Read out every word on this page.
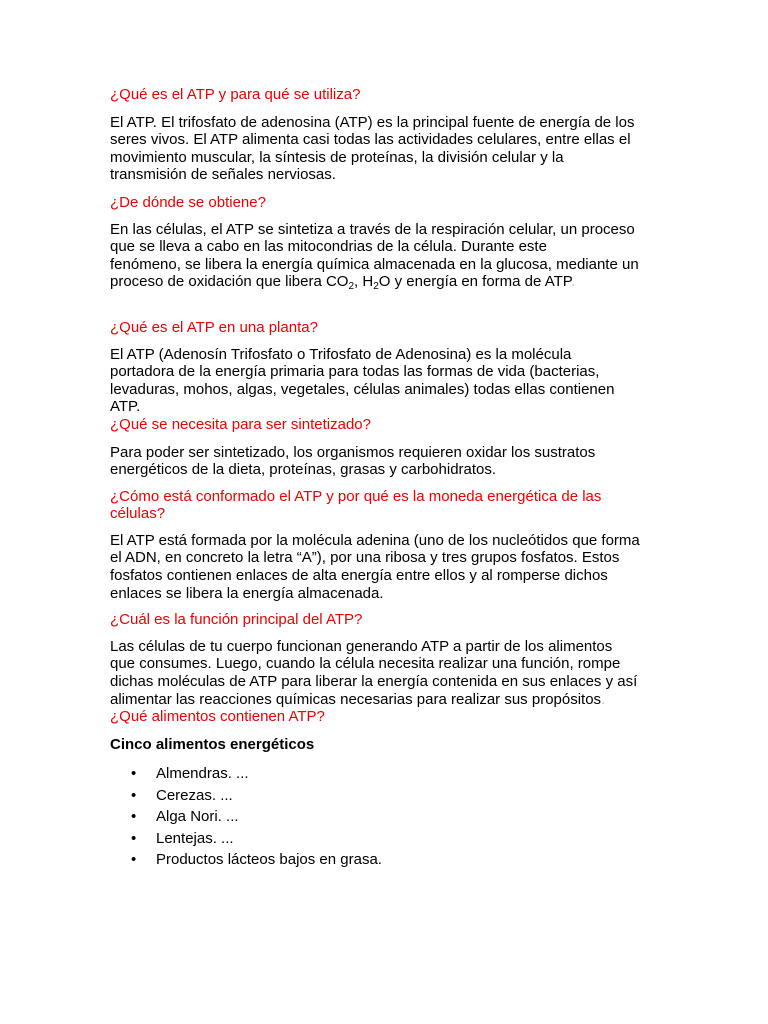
¿Qué es el ATP y para qué se utiliza?

El ATP. El trifosfato de adenosina (ATP) es la principal fuente de energía de los

seres vivos. El ATP alimenta casi todas las actividades celulares, entre ellas el

movimiento muscular, la síntesis de proteínas, la división celular y la

transmisión de señales nerviosas.

¿De dónde se obtiene?

En las células, el ATP se sintetiza a través de la respiración celular, un proceso

que se lleva a cabo en las mitocondrias de la célula. Durante este

fenómeno, se libera la energía química almacenada en la glucosa, mediante un

proceso de oxidación que libera $CO_2$, $H_2O$ y energía en forma de ATP.

¿Qué es el ATP en una planta?

El ATP (Adenosín Trifosfato o Trifosfato de Adenosina) es la molécula

portadora de la energía primaria para todas las formas de vida (bacterias,

levaduras, mohos, algas, vegetales, células animales) todas ellas contienen

ATP.

¿Qué se necesita para ser sintetizado?

Para poder ser sintetizado, los organismos requieren oxidar los sustratos

energéticos de la dieta, proteínas, grasas y carbohidratos.

¿Cómo está conformado el ATP y por qué es la moneda energética de las

células?

El ATP está formada por la molécula adenina (uno de los nucleótidos que forma

el ADN, en concreto la letra “A”), por una ribosa y tres grupos fosfatos. Estos

fosfatos contienen enlaces de alta energía entre ellos y al romperse dichos

enlaces se libera la energía almacenada.

¿Cuál es la función principal del ATP?

Las células de tu cuerpo funcionan generando ATP a partir de los alimentos

que consumes. Luego, cuando la célula necesita realizar una función, rompe

dichas moléculas de ATP para liberar la energía contenida en sus enlaces y así

alimentar las reacciones químicas necesarias para realizar sus propósitos.

¿Qué alimentos contienen ATP?

Cinco alimentos energéticos

• Almendras. ...
• Cerezas. ...
• Alga Nori. ...
• Lentejas. ...
• Productos lácteos bajos en grasa.
